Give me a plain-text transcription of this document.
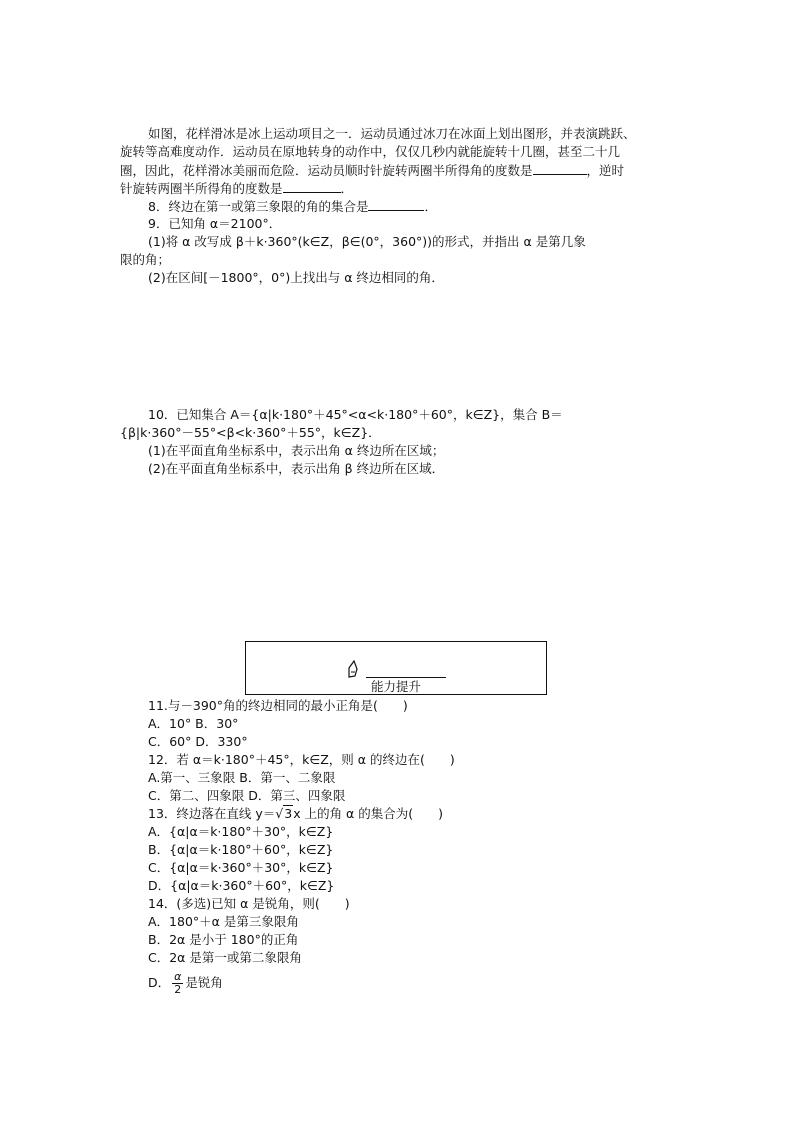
如图，花样滑冰是冰上运动项目之一．运动员通过冰刀在冰面上划出图形，并表演跳跃、
旋转等高难度动作．运动员在原地转身的动作中，仅仅几秒内就能旋转十几圈，甚至二十几
圈，因此，花样滑冰美丽而危险．运动员顺时针旋转两圈半所得角的度数是	，逆时
针旋转两圈半所得角的度数是	．
8．终边在第一或第三象限的角的集合是	．
9．已知角 α＝2100°．
(1)将 α 改写成 β＋k·360°(k∈Z，β∈(0°，360°))的形式，并指出 α 是第几象
限的角；
(2)在区间[－1800°，0°)上找出与 α 终边相同的角．
10．已知集合 A＝{α|k·180°＋45°<α<k·180°＋60°，k∈Z}，集合 B＝
{β|k·360°－55°<β<k·360°＋55°，k∈Z}．
(1)在平面直角坐标系中，表示出角 α 终边所在区域；
(2)在平面直角坐标系中，表示出角 β 终边所在区域．
能力提升
11.与－390°角的终边相同的最小正角是(　　)
A．10° B．30°
C．60° D．330°
12．若 α＝k·180°＋45°，k∈Z，则 α 的终边在(　　)
A.第一、三象限 B．第一、二象限
C．第二、四象限 D．第三、四象限
13．终边落在直线 y＝√3x 上的角 α 的集合为(　　)
A．{α|α＝k·180°＋30°，k∈Z}
B．{α|α＝k·180°＋60°，k∈Z}
C．{α|α＝k·360°＋30°，k∈Z}
D．{α|α＝k·360°＋60°，k∈Z}
14．(多选)已知 α 是锐角，则(　　)
A．180°＋α 是第三象限角
B．2α 是小于 180°的正角
C．2α 是第一或第二象限角
D． $\frac{\alpha}{2}$ 是锐角
